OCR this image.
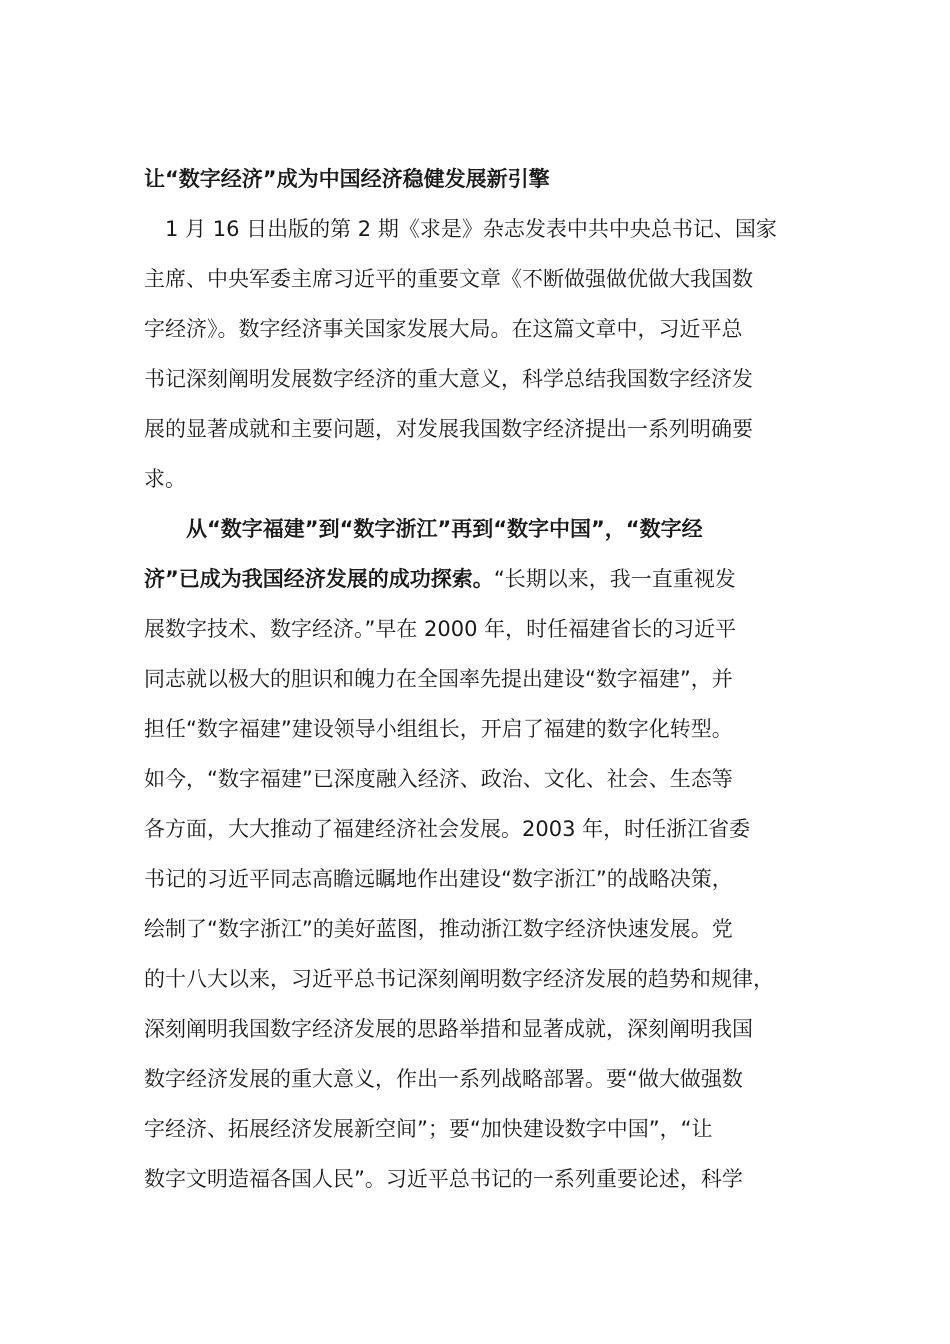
让“数字经济”成为中国经济稳健发展新引擎

　1 月 16 日出版的第 2 期《求是》杂志发表中共中央总书记、国家
主席、中央军委主席习近平的重要文章《不断做强做优做大我国数
字经济》。数字经济事关国家发展大局。在这篇文章中，习近平总
书记深刻阐明发展数字经济的重大意义，科学总结我国数字经济发
展的显著成就和主要问题，对发展我国数字经济提出一系列明确要
求。

　　从“数字福建”到“数字浙江”再到“数字中国”，“数字经
济”已成为我国经济发展的成功探索。“长期以来，我一直重视发
展数字技术、数字经济。”早在 2000 年，时任福建省长的习近平
同志就以极大的胆识和魄力在全国率先提出建设“数字福建”，并
担任“数字福建”建设领导小组组长，开启了福建的数字化转型。
如今，“数字福建”已深度融入经济、政治、文化、社会、生态等
各方面，大大推动了福建经济社会发展。2003 年，时任浙江省委
书记的习近平同志高瞻远瞩地作出建设“数字浙江”的战略决策，
绘制了“数字浙江”的美好蓝图，推动浙江数字经济快速发展。党
的十八大以来，习近平总书记深刻阐明数字经济发展的趋势和规律，
深刻阐明我国数字经济发展的思路举措和显著成就，深刻阐明我国
数字经济发展的重大意义，作出一系列战略部署。要“做大做强数
字经济、拓展经济发展新空间”；要“加快建设数字中国”，“让
数字文明造福各国人民”。习近平总书记的一系列重要论述，科学
